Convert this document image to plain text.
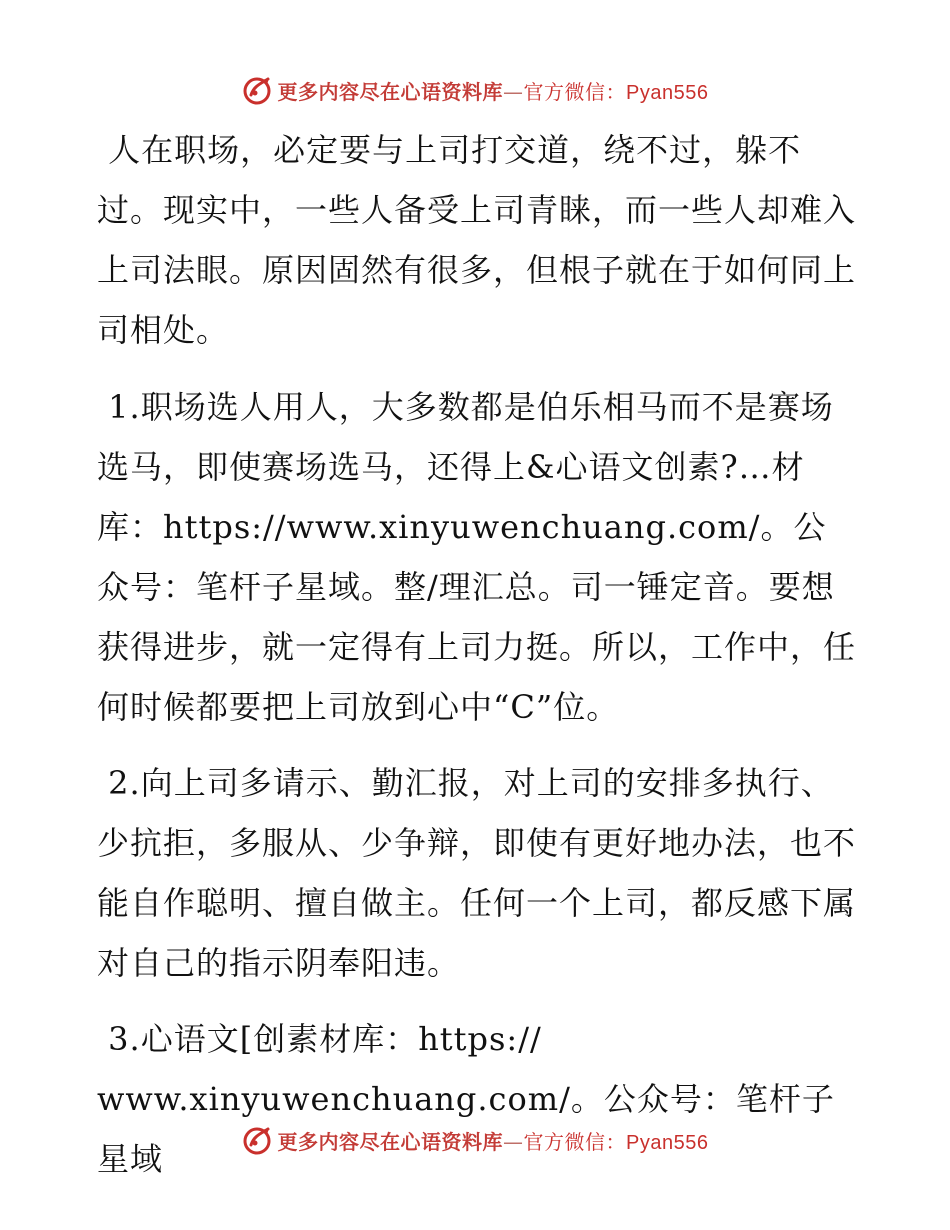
更多内容尽在心语资料库—官方微信：Pyan556

人在职场，必定要与上司打交道，绕不过，躲不过。现实中，一些人备受上司青睐，而一些人却难入上司法眼。原因固然有很多，但根子就在于如何同上司相处。

1.职场选人用人，大多数都是伯乐相马而不是赛场选马，即使赛场选马，还得上&心语文创素?…材库：https://www.xinyuwenchuang.com/。公众号：笔杆子星域。整/理汇总。司一锤定音。要想获得进步，就一定得有上司力挺。所以，工作中，任何时候都要把上司放到心中“C”位。

2.向上司多请示、勤汇报，对上司的安排多执行、少抗拒，多服从、少争辩，即使有更好地办法，也不能自作聪明、擅自做主。任何一个上司，都反感下属对自己的指示阴奉阳违。

3.心语文[创素材库：https://
www.xinyuwenchuang.com/。公众号：笔杆子星域	更多内容尽在心语资料库—官方微信：Pyan556
